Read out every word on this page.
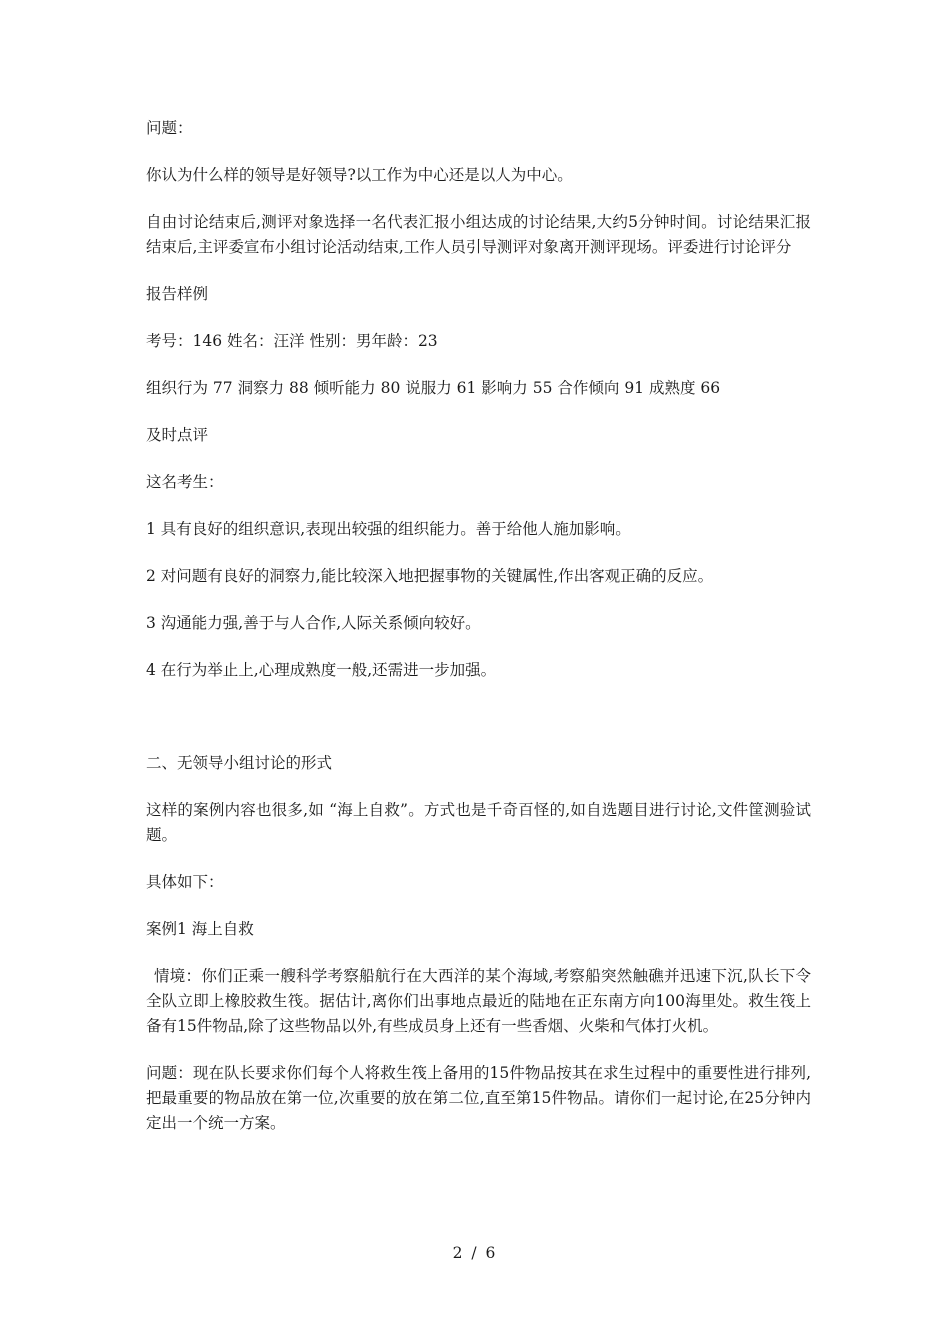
问题：

你认为什么样的领导是好领导?以工作为中心还是以人为中心。

自由讨论结束后,测评对象选择一名代表汇报小组达成的讨论结果,大约5分钟时间。讨论结果汇报结束后,主评委宣布小组讨论活动结束,工作人员引导测评对象离开测评现场。评委进行讨论评分

报告样例

考号：146 姓名：汪洋 性别：男年龄：23

组织行为 77 洞察力 88 倾听能力 80 说服力 61 影响力 55 合作倾向 91 成熟度 66

及时点评

这名考生：

1 具有良好的组织意识,表现出较强的组织能力。善于给他人施加影响。

2 对问题有良好的洞察力,能比较深入地把握事物的关键属性,作出客观正确的反应。

3 沟通能力强,善于与人合作,人际关系倾向较好。

4 在行为举止上,心理成熟度一般,还需进一步加强。

二、无领导小组讨论的形式

这样的案例内容也很多,如 “海上自救”。方式也是千奇百怪的,如自选题目进行讨论,文件筐测验试题。

具体如下：

案例1 海上自救

情境：你们正乘一艘科学考察船航行在大西洋的某个海域,考察船突然触礁并迅速下沉,队长下令全队立即上橡胶救生筏。据估计,离你们出事地点最近的陆地在正东南方向100海里处。救生筏上备有15件物品,除了这些物品以外,有些成员身上还有一些香烟、火柴和气体打火机。

问题：现在队长要求你们每个人将救生筏上备用的15件物品按其在求生过程中的重要性进行排列,把最重要的物品放在第一位,次重要的放在第二位,直至第15件物品。请你们一起讨论,在25分钟内定出一个统一方案。

2 / 6
